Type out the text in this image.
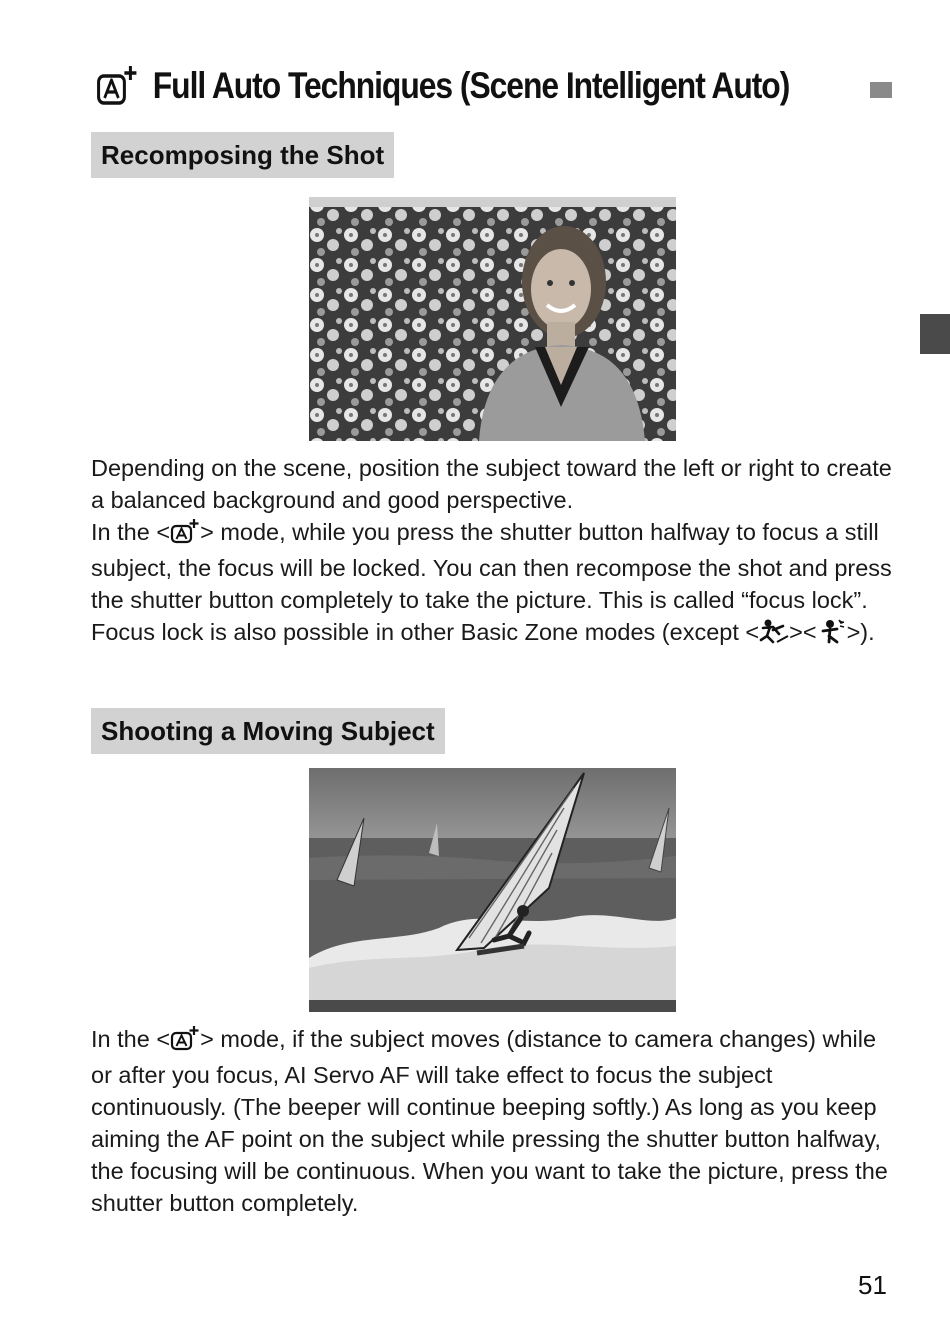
Full Auto Techniques (Scene Intelligent Auto)
Recomposing the Shot

Depending on the scene, position the subject toward the left or right to create a balanced background and good perspective.

In the < > mode, while you press the shutter button halfway to focus a still subject, the focus will be locked. You can then recompose the shot and press the shutter button completely to take the picture. This is called “focus lock”. Focus lock is also possible in other Basic Zone modes (except < >< >).

Shooting a Moving Subject

In the < > mode, if the subject moves (distance to camera changes) while or after you focus, AI Servo AF will take effect to focus the subject continuously. (The beeper will continue beeping softly.) As long as you keep aiming the AF point on the subject while pressing the shutter button halfway, the focusing will be continuous. When you want to take the picture, press the shutter button completely.

51
